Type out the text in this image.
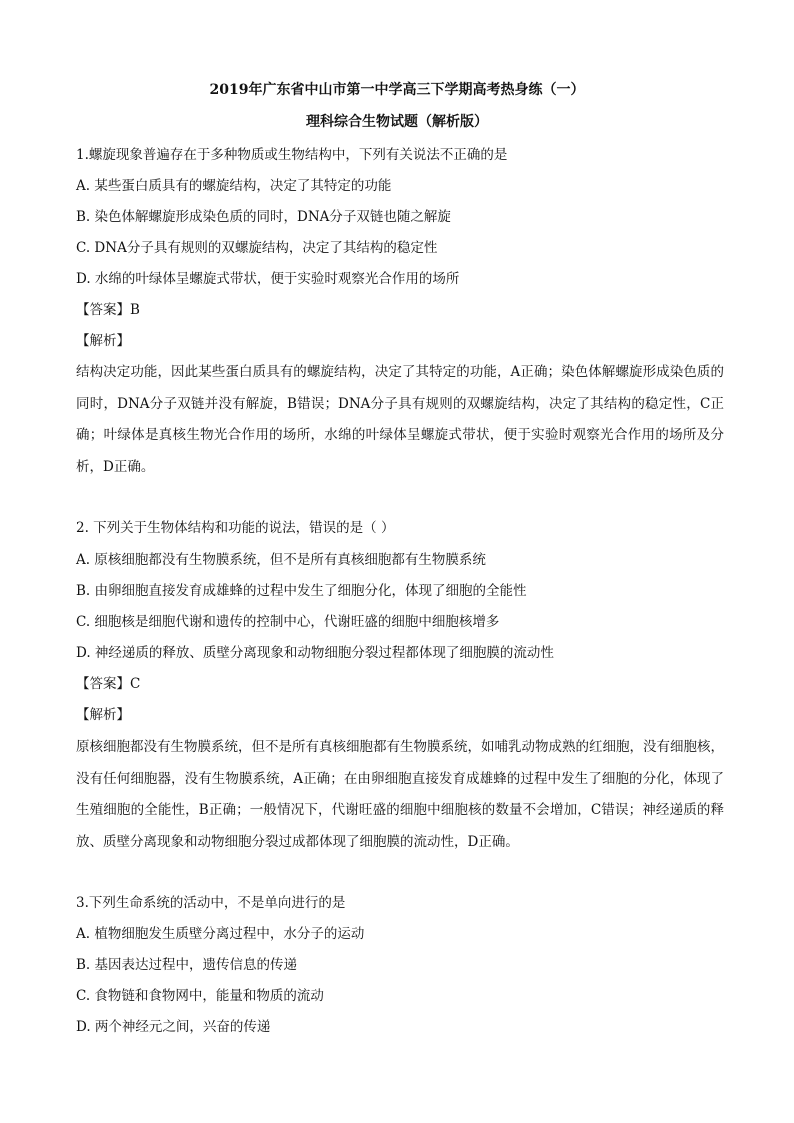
2019年广东省中山市第一中学高三下学期高考热身练（一）
理科综合生物试题（解析版）
1.螺旋现象普遍存在于多种物质或生物结构中，下列有关说法不正确的是
A. 某些蛋白质具有的螺旋结构，决定了其特定的功能
B. 染色体解螺旋形成染色质的同时，DNA分子双链也随之解旋
C. DNA分子具有规则的双螺旋结构，决定了其结构的稳定性
D. 水绵的叶绿体呈螺旋式带状，便于实验时观察光合作用的场所
【答案】B
【解析】
结构决定功能，因此某些蛋白质具有的螺旋结构，决定了其特定的功能，A正确；染色体解螺旋形成染色质的同时，DNA分子双链并没有解旋，B错误；DNA分子具有规则的双螺旋结构，决定了其结构的稳定性，C正确；叶绿体是真核生物光合作用的场所，水绵的叶绿体呈螺旋式带状，便于实验时观察光合作用的场所及分析，D正确。
2. 下列关于生物体结构和功能的说法，错误的是（ ）
A. 原核细胞都没有生物膜系统，但不是所有真核细胞都有生物膜系统
B. 由卵细胞直接发育成雄蜂的过程中发生了细胞分化，体现了细胞的全能性
C. 细胞核是细胞代谢和遗传的控制中心，代谢旺盛的细胞中细胞核增多
D. 神经递质的释放、质壁分离现象和动物细胞分裂过程都体现了细胞膜的流动性
【答案】C
【解析】
原核细胞都没有生物膜系统，但不是所有真核细胞都有生物膜系统，如哺乳动物成熟的红细胞，没有细胞核，没有任何细胞器，没有生物膜系统，A正确；在由卵细胞直接发育成雄蜂的过程中发生了细胞的分化，体现了生殖细胞的全能性，B正确；一般情况下，代谢旺盛的细胞中细胞核的数量不会增加，C错误；神经递质的释放、质壁分离现象和动物细胞分裂过成都体现了细胞膜的流动性，D正确。
3.下列生命系统的活动中，不是单向进行的是
A. 植物细胞发生质壁分离过程中，水分子的运动
B. 基因表达过程中，遗传信息的传递
C. 食物链和食物网中，能量和物质的流动
D. 两个神经元之间，兴奋的传递
